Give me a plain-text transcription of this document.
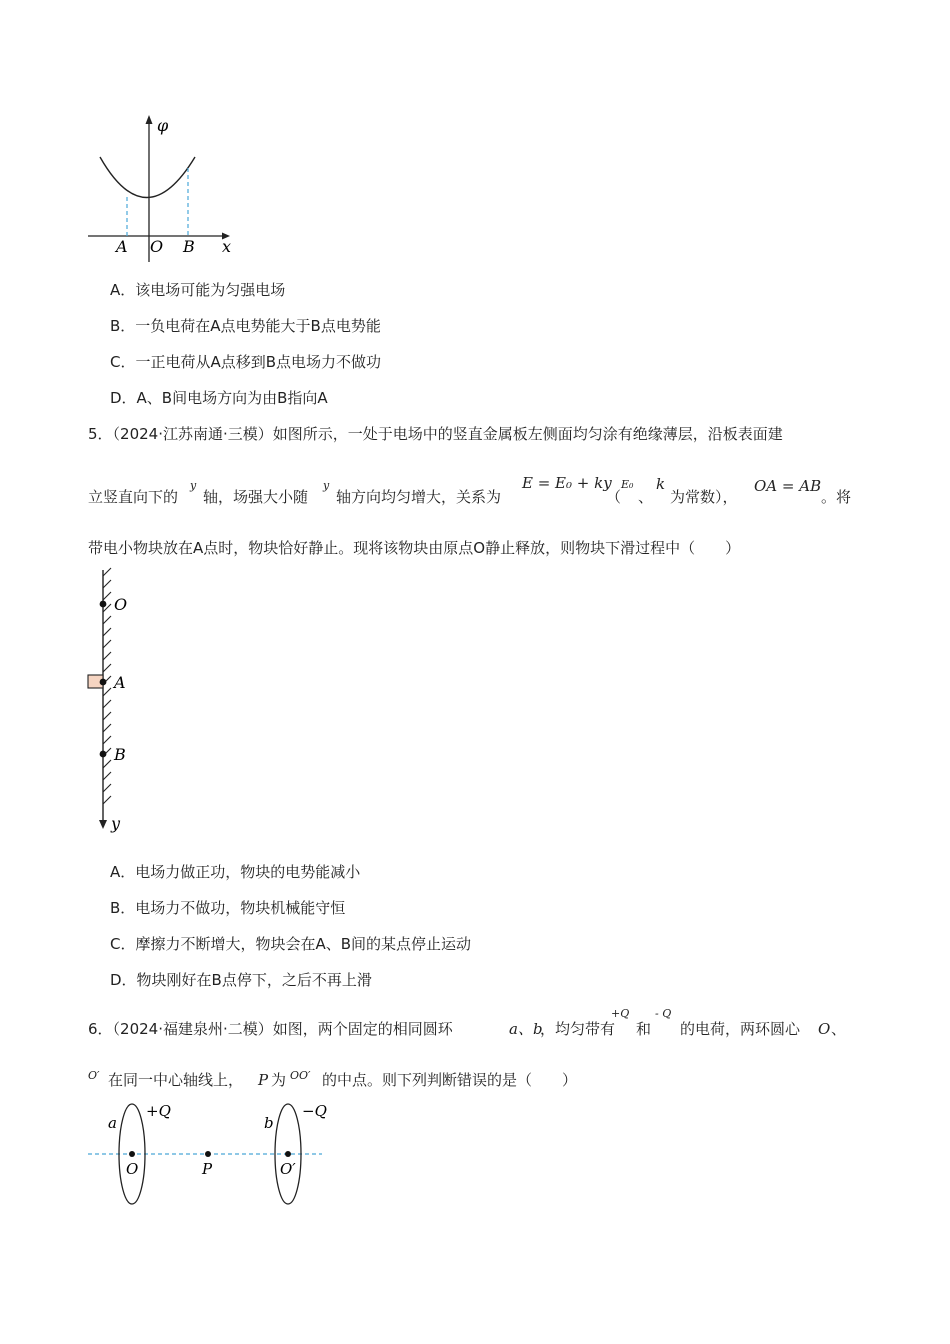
φ
x
A O B
A．该电场可能为匀强电场
B．一负电荷在A点电势能大于B点电势能
C．一正电荷从A点移到B点电场力不做功
D．A、B间电场方向为由B指向A
5．（2024·江苏南通·三模）如图所示，一处于电场中的竖直金属板左侧面均匀涂有绝缘薄层，沿板表面建
立竖直向下的
y
轴，场强大小随
y
轴方向均匀增大，关系为
E = E₀ + ky
（
E₀
、
k
为常数），
OA = AB
。将
带电小物块放在A点时，物块恰好静止。现将该物块由原点O静止释放，则物块下滑过程中（　　）
O
A
B
y
A．电场力做正功，物块的电势能减小
B．电场力不做功，物块机械能守恒
C．摩擦力不断增大，物块会在A、B间的某点停止运动
D．物块刚好在B点停下，之后不再上滑
6．（2024·福建泉州·二模）如图，两个固定的相同圆环	a、b
，均匀带有
+Q
和
- Q
的电荷，两环圆心 O 、
O′ 在同一中心轴线上， P 为 OO′ 的中点。则下列判断错误的是（　　）
a
+Q
O	P
b
−Q
O′
